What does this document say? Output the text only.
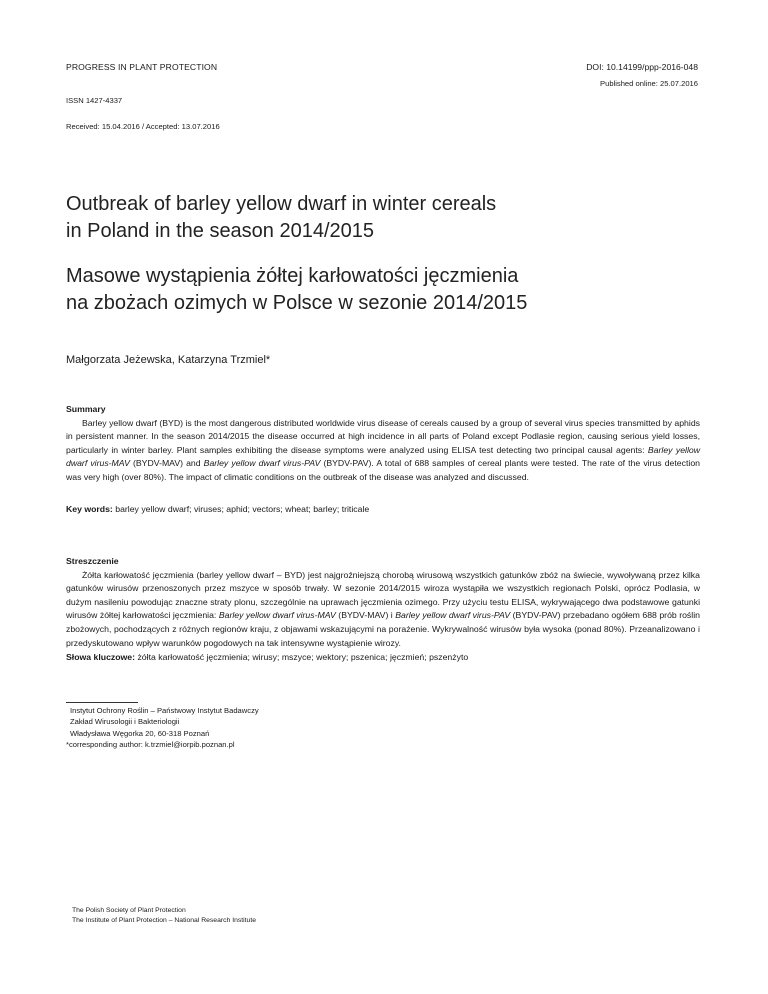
PROGRESS IN PLANT PROTECTION	DOI: 10.14199/ppp-2016-048
Published online: 25.07.2016
ISSN 1427-4337
Received: 15.04.2016 / Accepted: 13.07.2016
Outbreak of barley yellow dwarf in winter cereals
in Poland in the season 2014/2015
Masowe wystąpienia żółtej karłowatości jęczmienia
na zbożach ozimych w Polsce w sezonie 2014/2015
Małgorzata Jeżewska, Katarzyna Trzmiel*
Summary
Barley yellow dwarf (BYD) is the most dangerous distributed worldwide virus disease of cereals caused by a group of several virus species transmitted by aphids in persistent manner. In the season 2014/2015 the disease occurred at high incidence in all parts of Poland except Podlasie region, causing serious yield losses, particularly in winter barley. Plant samples exhibiting the disease symptoms were analyzed using ELISA test detecting two principal causal agents: Barley yellow dwarf virus-MAV (BYDV-MAV) and Barley yellow dwarf virus-PAV (BYDV-PAV). A total of 688 samples of cereal plants were tested. The rate of the virus detection was very high (over 80%). The impact of climatic conditions on the outbreak of the disease was analyzed and discussed.
Key words: barley yellow dwarf; viruses; aphid; vectors; wheat; barley; triticale
Streszczenie
Żółta karłowatość jęczmienia (barley yellow dwarf – BYD) jest najgroźniejszą chorobą wirusową wszystkich gatunków zbóż na świecie, wywoływaną przez kilka gatunków wirusów przenoszonych przez mszyce w sposób trwały. W sezonie 2014/2015 wiroza wystąpiła we wszystkich regionach Polski, oprócz Podlasia, w dużym nasileniu powodując znaczne straty plonu, szczególnie na uprawach jęczmienia ozimego. Przy użyciu testu ELISA, wykrywającego dwa podstawowe gatunki wirusów żółtej karłowatości jęczmienia: Barley yellow dwarf virus-MAV (BYDV-MAV) i Barley yellow dwarf virus-PAV (BYDV-PAV) przebadano ogółem 688 prób roślin zbożowych, pochodzących z różnych regionów kraju, z objawami wskazującymi na porażenie. Wykrywalność wirusów była wysoka (ponad 80%). Przeanalizowano i przedyskutowano wpływ warunków pogodowych na tak intensywne wystąpienie wirozy.
Słowa kluczowe: żółta karłowatość jęczmienia; wirusy; mszyce; wektory; pszenica; jęczmień; pszenżyto
Instytut Ochrony Roślin – Państwowy Instytut Badawczy
Zakład Wirusologii i Bakteriologii
Władysława Węgorka 20, 60-318 Poznań
*corresponding author: k.trzmiel@iorpib.poznan.pl
The Polish Society of Plant Protection
The Institute of Plant Protection – National Research Institute
